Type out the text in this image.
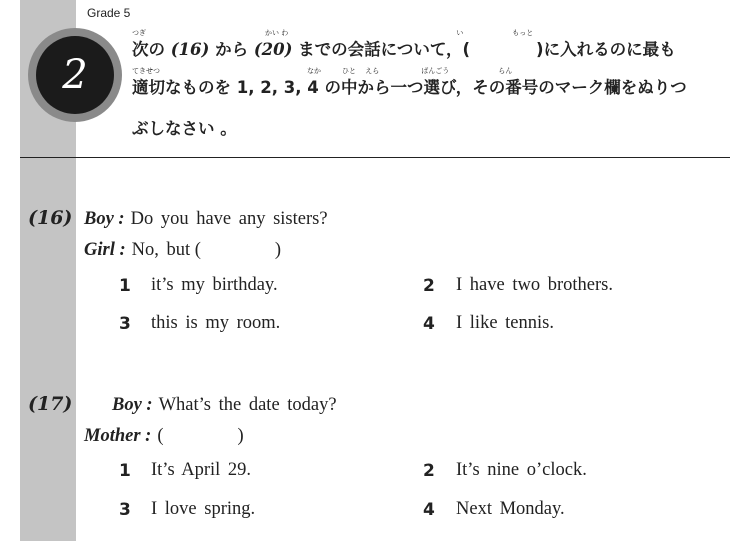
Grade 5
2
つぎ　　　　　　　　　　　　　　　　　かい わ　　　　　　　　　　　　　　　　　　　　　　　　い　　　　　　　もっと
次の (16) から (20) までの会話について，(　　　　)に入れるのに最も
てきせつ　　　　　　　　　　　　　　　　　　　　　なか　　　ひと　 えら　　　　　　ばんごう　　　　　　　らん
適切なものを 1, 2, 3, 4 の中から一つ選び，その番号のマーク欄をぬりつ
ぶしなさい 。
(16) Boy : Do you have any sisters?
Girl : No, but (	)
1 it’s my birthday.	2 I have two brothers.
3 this is my room.	4 I like tennis.
(17) Boy : What’s the date today?
Mother : (	)
1 It’s April 29.	2 It’s nine o’clock.
3 I love spring.	4 Next Monday.
